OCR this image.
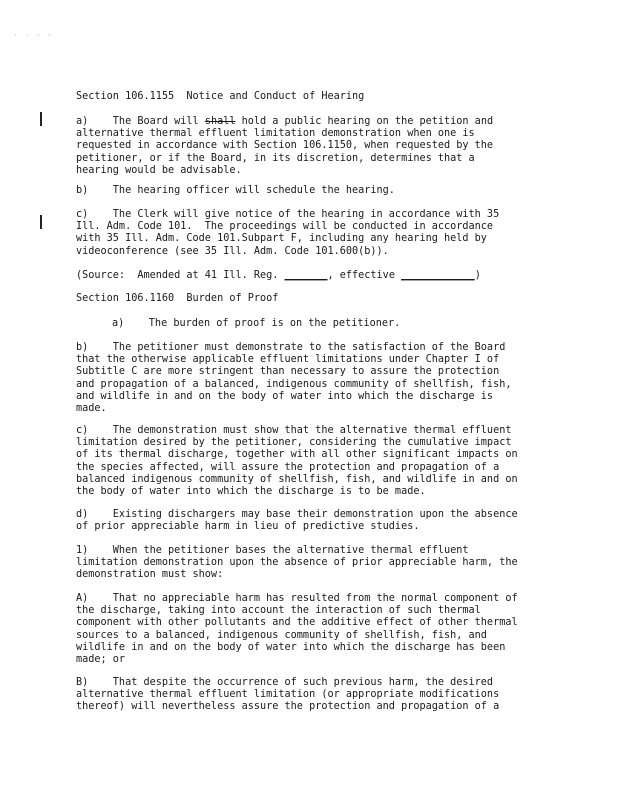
· · · ·
Section 106.1155  Notice and Conduct of Hearing
a)    The Board will shall hold a public hearing on the petition and
alternative thermal effluent limitation demonstration when one is
requested in accordance with Section 106.1150, when requested by the
petitioner, or if the Board, in its discretion, determines that a
hearing would be advisable.
b)    The hearing officer will schedule the hearing.
c)    The Clerk will give notice of the hearing in accordance with 35
Ill. Adm. Code 101.  The proceedings will be conducted in accordance
with 35 Ill. Adm. Code 101.Subpart F, including any hearing held by
videoconference (see 35 Ill. Adm. Code 101.600(b)).
(Source:  Amended at 41 Ill. Reg. _______, effective ____________)
Section 106.1160  Burden of Proof
a)    The burden of proof is on the petitioner.
b)    The petitioner must demonstrate to the satisfaction of the Board
that the otherwise applicable effluent limitations under Chapter I of
Subtitle C are more stringent than necessary to assure the protection
and propagation of a balanced, indigenous community of shellfish, fish,
and wildlife in and on the body of water into which the discharge is
made.
c)    The demonstration must show that the alternative thermal effluent
limitation desired by the petitioner, considering the cumulative impact
of its thermal discharge, together with all other significant impacts on
the species affected, will assure the protection and propagation of a
balanced indigenous community of shellfish, fish, and wildlife in and on
the body of water into which the discharge is to be made.
d)    Existing dischargers may base their demonstration upon the absence
of prior appreciable harm in lieu of predictive studies.
1)    When the petitioner bases the alternative thermal effluent
limitation demonstration upon the absence of prior appreciable harm, the
demonstration must show:
A)    That no appreciable harm has resulted from the normal component of
the discharge, taking into account the interaction of such thermal
component with other pollutants and the additive effect of other thermal
sources to a balanced, indigenous community of shellfish, fish, and
wildlife in and on the body of water into which the discharge has been
made; or
B)    That despite the occurrence of such previous harm, the desired
alternative thermal effluent limitation (or appropriate modifications
thereof) will nevertheless assure the protection and propagation of a
